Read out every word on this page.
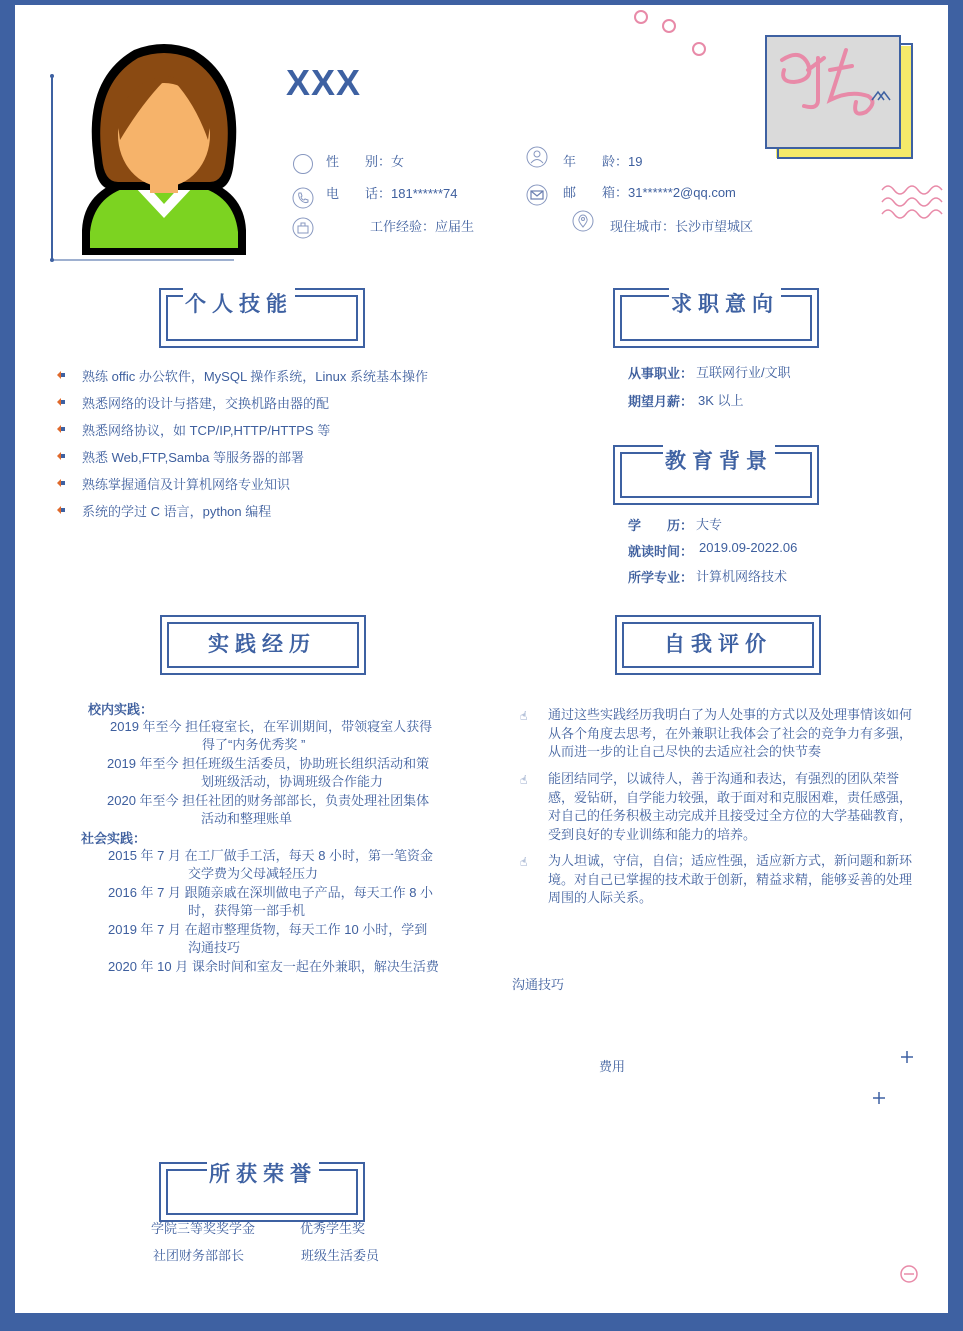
XXX
性　　别：女	年　　龄：19
电　　话：181******74	邮　　箱：31******2@qq.com
工作经验：应届生	现住城市：长沙市望城区
个人技能
熟练 offic 办公软件，MySQL 操作系统，Linux 系统基本操作
熟悉网络的设计与搭建，交换机路由器的配
熟悉网络协议，如 TCP/IP,HTTP/HTTPS 等
熟悉 Web,FTP,Samba 等服务器的部署
熟练掌握通信及计算机网络专业知识
系统的学过 C 语言，python 编程
求职意向
从事职业： 互联网行业/文职
期望月薪： 3K 以上
教育背景
学　　历： 大专
就读时间： 2019.09-2022.06
所学专业： 计算机网络技术
实践经历
校内实践：
2019 年至今 担任寝室长，在军训期间，带领寝室人获得
得了“内务优秀奖 ”
2019 年至今 担任班级生活委员，协助班长组织活动和策
划班级活动，协调班级合作能力
2020 年至今 担任社团的财务部部长，负责处理社团集体
活动和整理账单
社会实践：
2015 年 7 月 在工厂做手工活，每天 8 小时，第一笔资金
交学费为父母减轻压力
2016 年 7 月 跟随亲戚在深圳做电子产品，每天工作 8 小
时，获得第一部手机
2019 年 7 月 在超市整理货物，每天工作 10 小时，学到
沟通技巧
2020 年 10 月 课余时间和室友一起在外兼职，解决生活费
自我评价
☝ 通过这些实践经历我明白了为人处事的方式以及处理事情该如何
从各个角度去思考，在外兼职让我体会了社会的竞争力有多强，
从而进一步的让自己尽快的去适应社会的快节奏
☝ 能团结同学，以诚待人，善于沟通和表达，有强烈的团队荣誉
感，爱钻研，自学能力较强，敢于面对和克服困难，责任感强，
对自己的任务积极主动完成并且接受过全方位的大学基础教育，
受到良好的专业训练和能力的培养。
☝ 为人坦诚，守信，自信；适应性强，适应新方式，新问题和新环
境。对自己已掌握的技术敢于创新，精益求精，能够妥善的处理
周围的人际关系。
沟通技巧
费用
所获荣誉
学院三等奖奖学金	优秀学生奖
社团财务部部长	班级生活委员
